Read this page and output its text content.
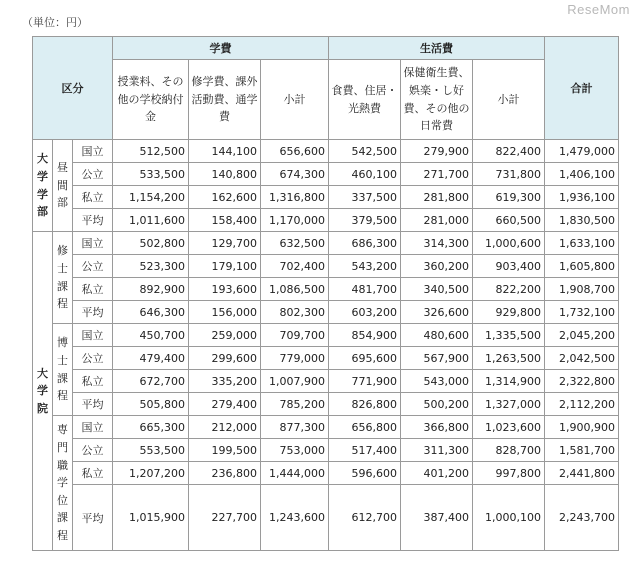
（単位：円）
ReseMom
区分			学費			生活費			合計
			授業料、その他の学校納付金	修学費、課外活動費、通学費	小計	食費、住居・光熱費	保健衛生費、娯楽・し好費、その他の日常費	小計	
大学学部	昼間部	国立	512,500	144,100	656,600	542,500	279,900	822,400	1,479,000
		公立	533,500	140,800	674,300	460,100	271,700	731,800	1,406,100
		私立	1,154,200	162,600	1,316,800	337,500	281,800	619,300	1,936,100
		平均	1,011,600	158,400	1,170,000	379,500	281,000	660,500	1,830,500
大学院	修士課程	国立	502,800	129,700	632,500	686,300	314,300	1,000,600	1,633,100
		公立	523,300	179,100	702,400	543,200	360,200	903,400	1,605,800
		私立	892,900	193,600	1,086,500	481,700	340,500	822,200	1,908,700
		平均	646,300	156,000	802,300	603,200	326,600	929,800	1,732,100
	博士課程	国立	450,700	259,000	709,700	854,900	480,600	1,335,500	2,045,200
		公立	479,400	299,600	779,000	695,600	567,900	1,263,500	2,042,500
		私立	672,700	335,200	1,007,900	771,900	543,000	1,314,900	2,322,800
		平均	505,800	279,400	785,200	826,800	500,200	1,327,000	2,112,200
	専門職学位課程	国立	665,300	212,000	877,300	656,800	366,800	1,023,600	1,900,900
		公立	553,500	199,500	753,000	517,400	311,300	828,700	1,581,700
		私立	1,207,200	236,800	1,444,000	596,600	401,200	997,800	2,441,800
		平均	1,015,900	227,700	1,243,600	612,700	387,400	1,000,100	2,243,700
